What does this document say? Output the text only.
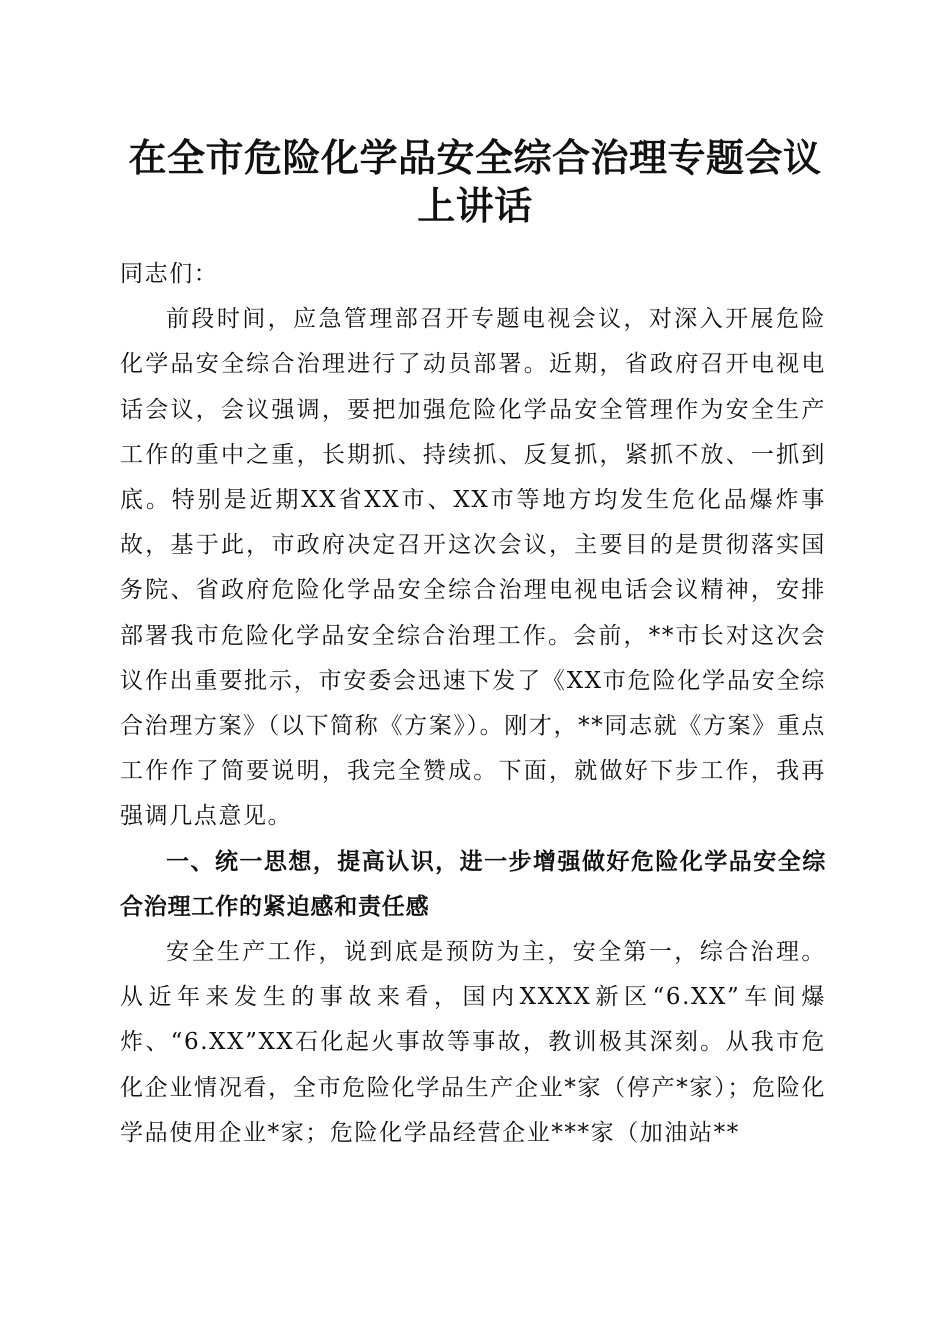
在全市危险化学品安全综合治理专题会议上讲话

同志们：

前段时间，应急管理部召开专题电视会议，对深入开展危险化学品安全综合治理进行了动员部署。近期，省政府召开电视电话会议，会议强调，要把加强危险化学品安全管理作为安全生产工作的重中之重，长期抓、持续抓、反复抓，紧抓不放、一抓到底。特别是近期XX省XX市、XX市等地方均发生危化品爆炸事故，基于此，市政府决定召开这次会议，主要目的是贯彻落实国务院、省政府危险化学品安全综合治理电视电话会议精神，安排部署我市危险化学品安全综合治理工作。会前，**市长对这次会议作出重要批示，市安委会迅速下发了《XX市危险化学品安全综合治理方案》（以下简称《方案》）。刚才，**同志就《方案》重点工作作了简要说明，我完全赞成。下面，就做好下步工作，我再强调几点意见。

一、统一思想，提高认识，进一步增强做好危险化学品安全综合治理工作的紧迫感和责任感

安全生产工作，说到底是预防为主，安全第一，综合治理。从近年来发生的事故来看，国内XXXX新区“6.XX”车间爆炸、“6.XX”XX石化起火事故等事故，教训极其深刻。从我市危化企业情况看，全市危险化学品生产企业*家（停产*家）；危险化学品使用企业*家；危险化学品经营企业***家（加油站**
